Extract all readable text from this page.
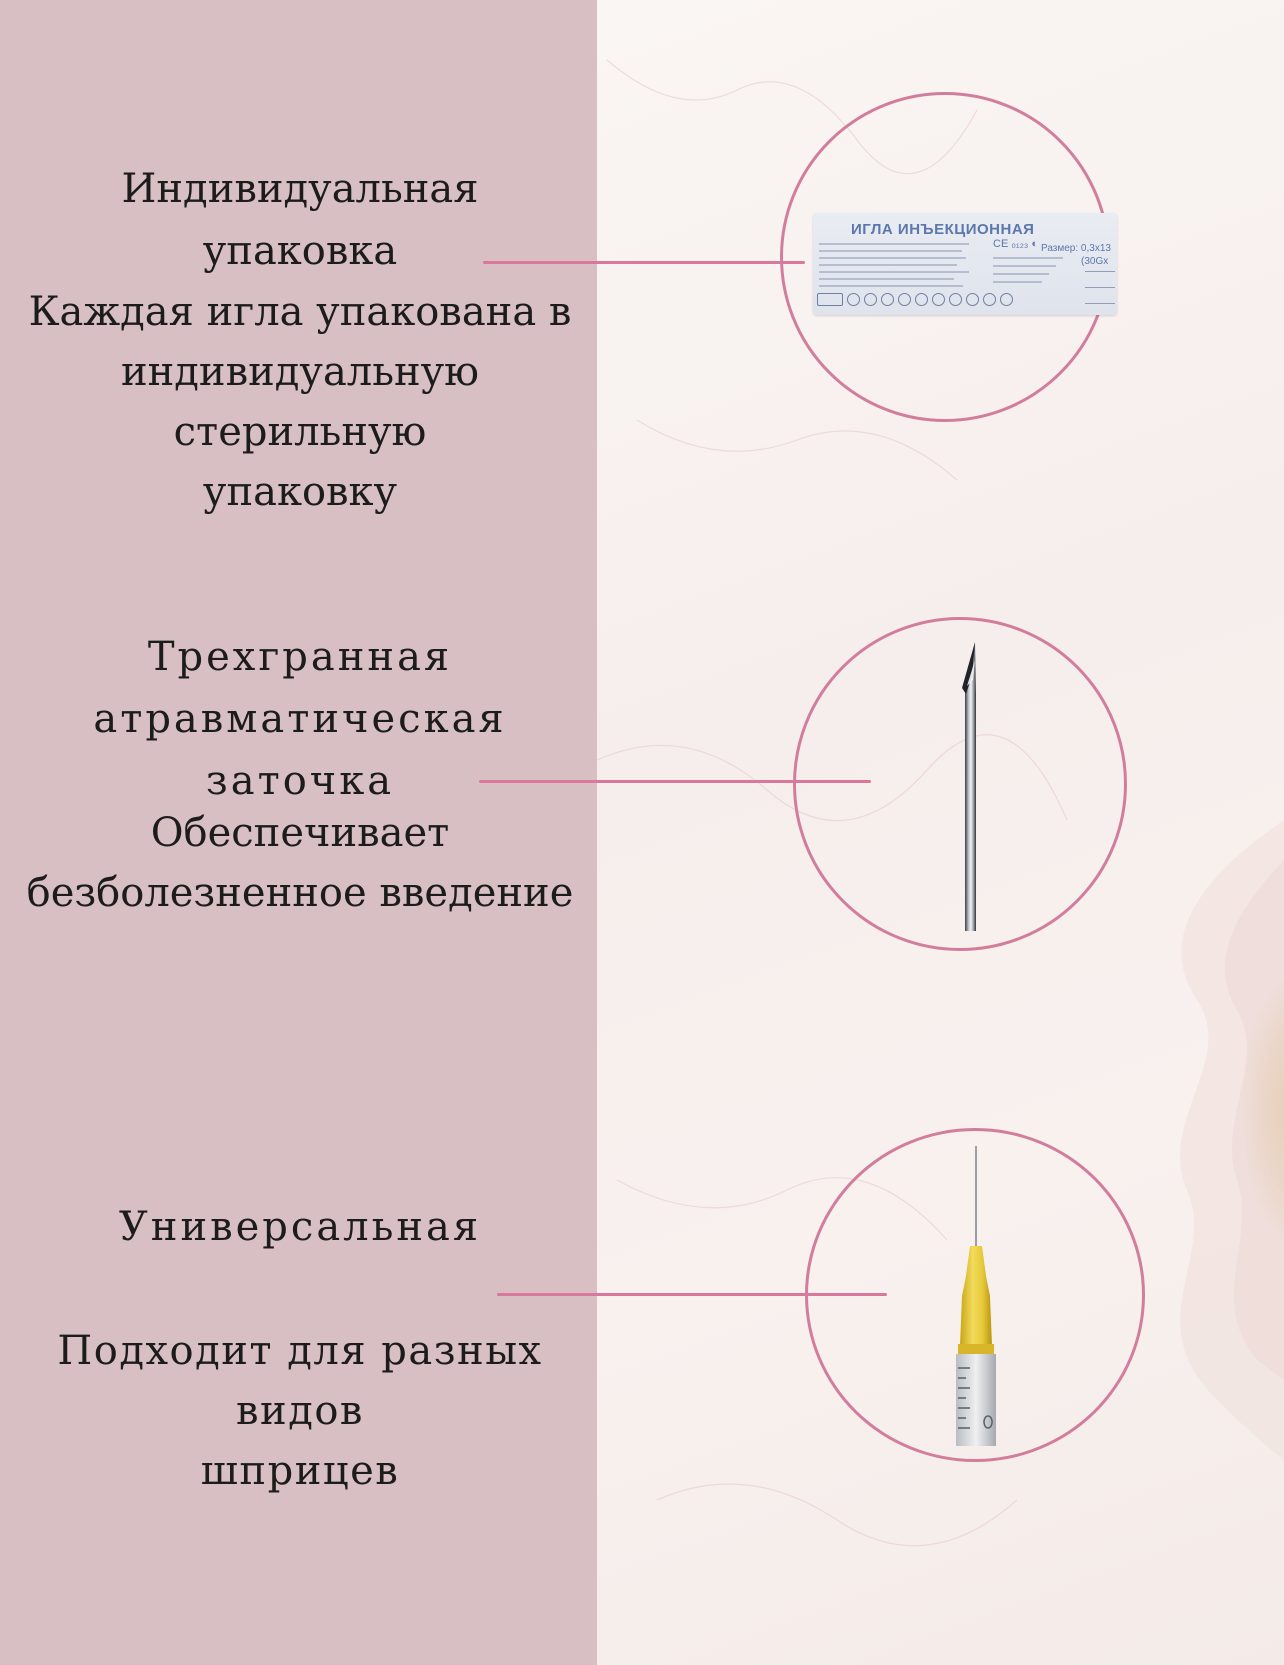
Индивидуальная упаковка

Каждая игла упакована в

индивидуальную стерильную

упаковку

ИГЛА ИНЪЕКЦИОННАЯ
CE ₀₁₂₃ ◐ Размер: 0,3х13
(30Gx
Трехгранная
атравматическая заточка

Обеспечивает

безболезненное введение

Универсальная

Подходит для разных видов

шприцев
